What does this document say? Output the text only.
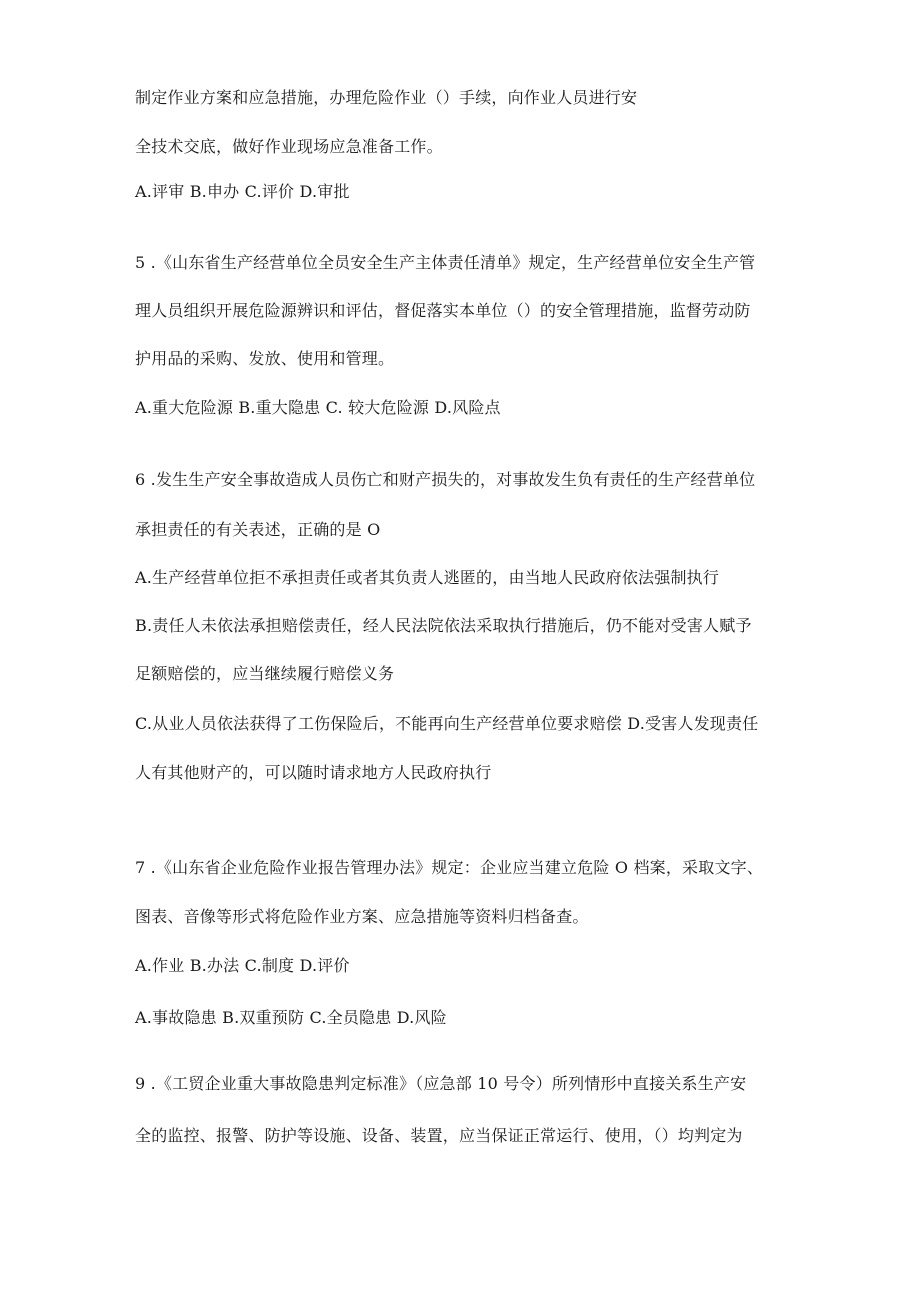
制定作业方案和应急措施，办理危险作业（）手续，向作业人员进行安
全技术交底，做好作业现场应急准备工作。
A.评审 B.申办 C.评价 D.审批
5 .《山东省生产经营单位全员安全生产主体责任清单》规定，生产经营单位安全生产管
理人员组织开展危险源辨识和评估，督促落实本单位（）的安全管理措施，监督劳动防
护用品的采购、发放、使用和管理。
A.重大危险源 B.重大隐患 C. 较大危险源 D.风险点
6 .发生生产安全事故造成人员伤亡和财产损失的，对事故发生负有责任的生产经营单位
承担责任的有关表述，正确的是 O
A.生产经营单位拒不承担责任或者其负责人逃匿的，由当地人民政府依法强制执行
B.责任人未依法承担赔偿责任，经人民法院依法采取执行措施后，仍不能对受害人赋予
足额赔偿的，应当继续履行赔偿义务
C.从业人员依法获得了工伤保险后，不能再向生产经营单位要求赔偿 D.受害人发现责任
人有其他财产的，可以随时请求地方人民政府执行
7 .《山东省企业危险作业报告管理办法》规定：企业应当建立危险 O 档案，采取文字、
图表、音像等形式将危险作业方案、应急措施等资料归档备查。
A.作业 B.办法 C.制度 D.评价
A.事故隐患 B.双重预防 C.全员隐患 D.风险
9 .《工贸企业重大事故隐患判定标准》（应急部 10 号令）所列情形中直接关系生产安
全的监控、报警、防护等设施、设备、装置，应当保证正常运行、使用，（）均判定为
